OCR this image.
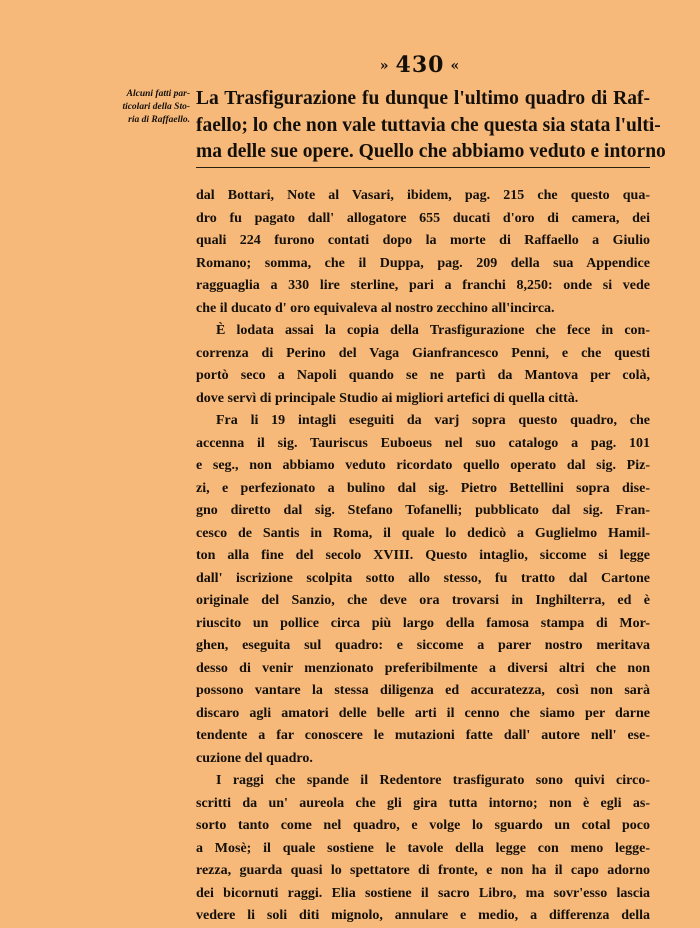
» 430 «
Alcuni fatti par-
ticolari della Sto-
ria di Raffaello.
La Trasfigurazione fu dunque l'ultimo quadro di Raf-
faello; lo che non vale tuttavia che questa sia stata l'ulti-
ma delle sue opere. Quello che abbiamo veduto e intorno
dal Bottari, Note al Vasari, ibidem, pag. 215 che questo qua-
dro fu pagato dall' allogatore 655 ducati d'oro di camera, dei
quali 224 furono contati dopo la morte di Raffaello a Giulio
Romano; somma, che il Duppa, pag. 209 della sua Appendice
ragguaglia a 330 lire sterline, pari a franchi 8,250: onde si vede
che il ducato d' oro equivaleva al nostro zecchino all'incirca.
È lodata assai la copia della Trasfigurazione che fece in con-
correnza di Perino del Vaga Gianfrancesco Penni, e che questi
portò seco a Napoli quando se ne partì da Mantova per colà,
dove servì di principale Studio ai migliori artefici di quella città.
Fra li 19 intagli eseguiti da varj sopra questo quadro, che
accenna il sig. Tauriscus Euboeus nel suo catalogo a pag. 101
e seg., non abbiamo veduto ricordato quello operato dal sig. Piz-
zi, e perfezionato a bulino dal sig. Pietro Bettellini sopra dise-
gno diretto dal sig. Stefano Tofanelli; pubblicato dal sig. Fran-
cesco de Santis in Roma, il quale lo dedicò a Guglielmo Hamil-
ton alla fine del secolo XVIII. Questo intaglio, siccome si legge
dall' iscrizione scolpita sotto allo stesso, fu tratto dal Cartone
originale del Sanzio, che deve ora trovarsi in Inghilterra, ed è
riuscito un pollice circa più largo della famosa stampa di Mor-
ghen, eseguita sul quadro: e siccome a parer nostro meritava
desso di venir menzionato preferibilmente a diversi altri che non
possono vantare la stessa diligenza ed accuratezza, così non sarà
discaro agli amatori delle belle arti il cenno che siamo per darne
tendente a far conoscere le mutazioni fatte dall' autore nell' ese-
cuzione del quadro.
I raggi che spande il Redentore trasfigurato sono quivi circo-
scritti da un' aureola che gli gira tutta intorno; non è egli as-
sorto tanto come nel quadro, e volge lo sguardo un cotal poco
a Mosè; il quale sostiene le tavole della legge con meno legge-
rezza, guarda quasi lo spettatore di fronte, e non ha il capo adorno
dei bicornuti raggi. Elia sostiene il sacro Libro, ma sovr'esso lascia
vedere li soli diti mignolo, annulare e medio, a differenza della
